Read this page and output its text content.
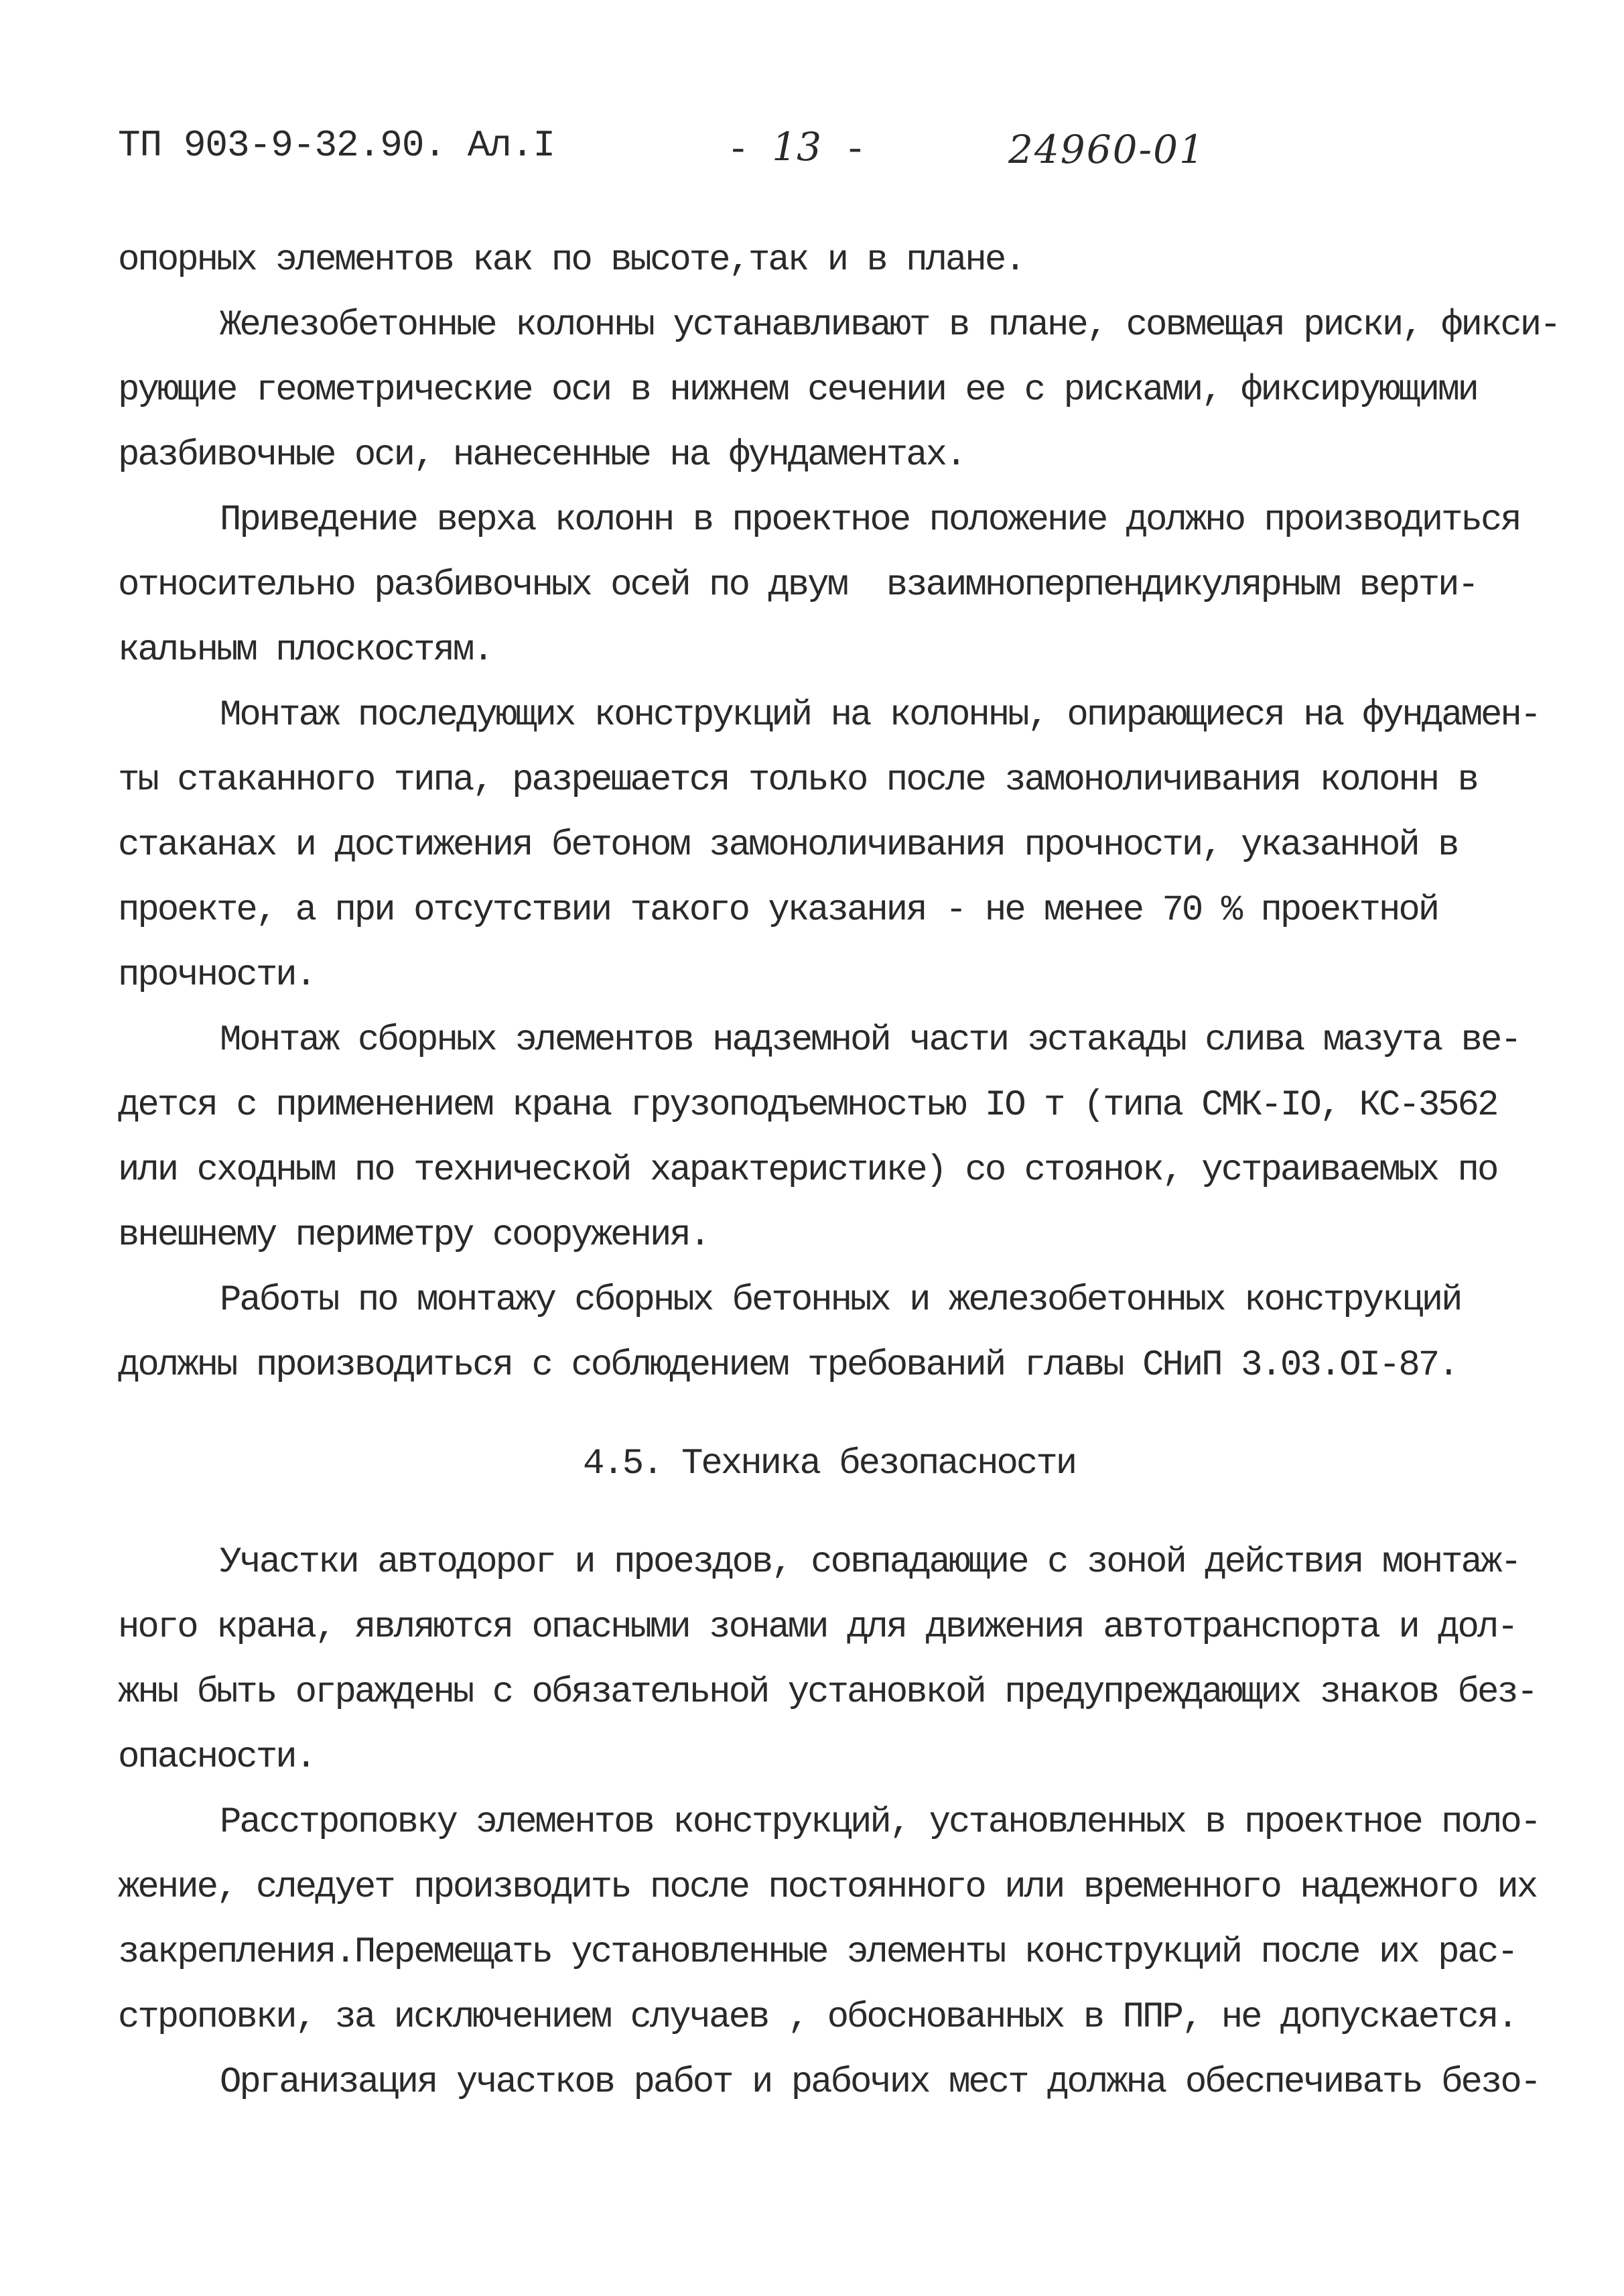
ТП 903-9-32.90. Ал.I	- 13 -	24960-01
опорных элементов как по высоте,так и в плане.
Железобетонные колонны устанавливают в плане, совмещая риски, фикси-
рующие геометрические оси в нижнем сечении ее с рисками, фиксирующими
разбивочные оси, нанесенные на фундаментах.
Приведение верха колонн в проектное положение должно производиться
относительно разбивочных осей по двум  взаимноперпендикулярным верти-
кальным плоскостям.
Монтаж последующих конструкций на колонны, опирающиеся на фундамен-
ты стаканного типа, разрешается только после замоноличивания колонн в
стаканах и достижения бетоном замоноличивания прочности, указанной в
проекте, а при отсутствии такого указания - не менее 70 % проектной
прочности.
Монтаж сборных элементов надземной части эстакады слива мазута ве-
дется с применением крана грузоподъемностью IO т (типа СМК-IO, КС-3562
или сходным по технической характеристике) со стоянок, устраиваемых по
внешнему периметру сооружения.
Работы по монтажу сборных бетонных и железобетонных конструкций
должны производиться с соблюдением требований главы СНиП 3.03.OI-87.
4.5. Техника безопасности
Участки автодорог и проездов, совпадающие с зоной действия монтаж-
ного крана, являются опасными зонами для движения автотранспорта и дол-
жны быть ограждены с обязательной установкой предупреждающих знаков без-
опасности.
Расстроповку элементов конструкций, установленных в проектное поло-
жение, следует производить после постоянного или временного надежного их
закрепления.Перемещать установленные элементы конструкций после их рас-
строповки, за исключением случаев , обоснованных в ППР, не допускается.
Организация участков работ и рабочих мест должна обеспечивать безо-
